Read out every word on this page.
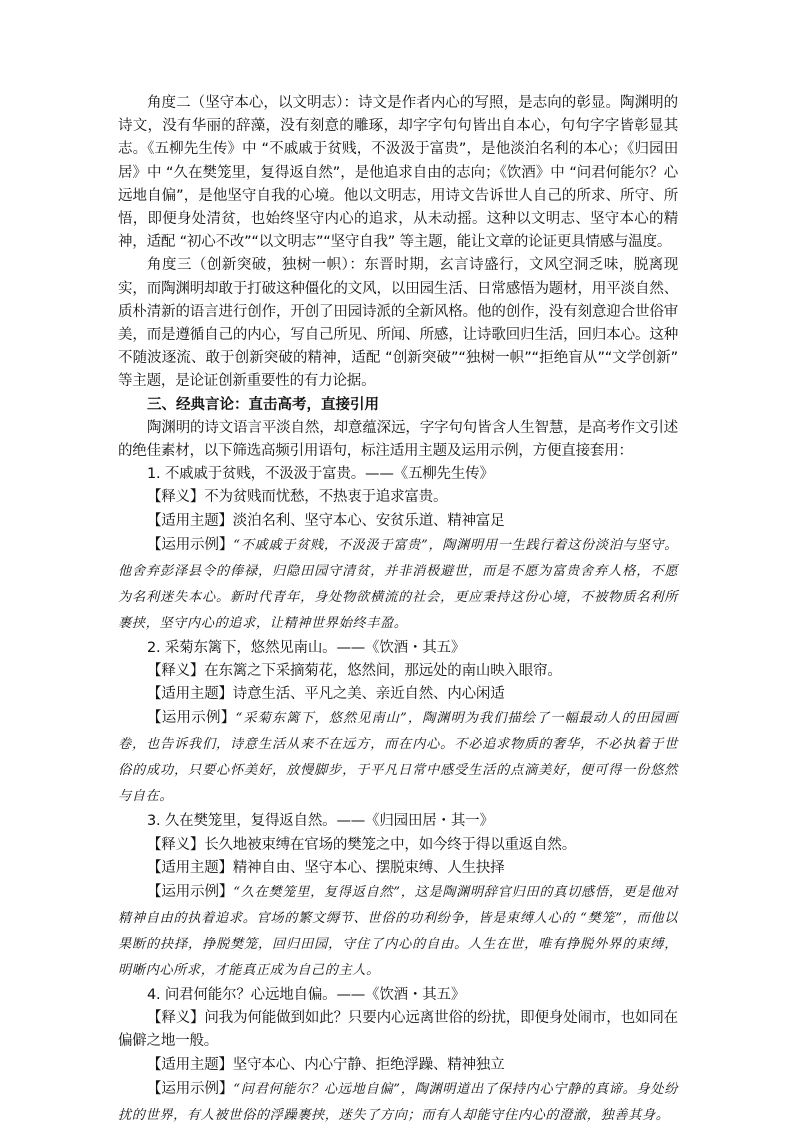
角度二（坚守本心，以文明志）：诗文是作者内心的写照，是志向的彰显。陶渊明的诗文，没有华丽的辞藻，没有刻意的雕琢，却字字句句皆出自本心，句句字字皆彰显其志。《五柳先生传》中 “不戚戚于贫贱，不汲汲于富贵”，是他淡泊名利的本心；《归园田居》中 “久在樊笼里，复得返自然”，是他追求自由的志向；《饮酒》中 “问君何能尔？心远地自偏”，是他坚守自我的心境。他以文明志，用诗文告诉世人自己的所求、所守、所悟，即便身处清贫，也始终坚守内心的追求，从未动摇。这种以文明志、坚守本心的精神，适配 “初心不改”“以文明志”“坚守自我” 等主题，能让文章的论证更具情感与温度。

角度三（创新突破，独树一帜）：东晋时期，玄言诗盛行，文风空洞乏味，脱离现实，而陶渊明却敢于打破这种僵化的文风，以田园生活、日常感悟为题材，用平淡自然、质朴清新的语言进行创作，开创了田园诗派的全新风格。他的创作，没有刻意迎合世俗审美，而是遵循自己的内心，写自己所见、所闻、所感，让诗歌回归生活，回归本心。这种不随波逐流、敢于创新突破的精神，适配 “创新突破”“独树一帜”“拒绝盲从”“文学创新” 等主题，是论证创新重要性的有力论据。

三、经典言论：直击高考，直接引用

陶渊明的诗文语言平淡自然，却意蕴深远，字字句句皆含人生智慧，是高考作文引述的绝佳素材，以下筛选高频引用语句，标注适用主题及运用示例，方便直接套用：

1. 不戚戚于贫贱，不汲汲于富贵。——《五柳先生传》

【释义】不为贫贱而忧愁，不热衷于追求富贵。

【适用主题】淡泊名利、坚守本心、安贫乐道、精神富足

【运用示例】“不戚戚于贫贱，不汲汲于富贵”，陶渊明用一生践行着这份淡泊与坚守。他舍弃彭泽县令的俸禄，归隐田园守清贫，并非消极避世，而是不愿为富贵舍弃人格，不愿为名利迷失本心。新时代青年，身处物欲横流的社会，更应秉持这份心境，不被物质名利所裹挟，坚守内心的追求，让精神世界始终丰盈。

2. 采菊东篱下，悠然见南山。——《饮酒・其五》

【释义】在东篱之下采摘菊花，悠然间，那远处的南山映入眼帘。

【适用主题】诗意生活、平凡之美、亲近自然、内心闲适

【运用示例】“采菊东篱下，悠然见南山”，陶渊明为我们描绘了一幅最动人的田园画卷，也告诉我们，诗意生活从来不在远方，而在内心。不必追求物质的奢华，不必执着于世俗的成功，只要心怀美好，放慢脚步，于平凡日常中感受生活的点滴美好，便可得一份悠然与自在。

3. 久在樊笼里，复得返自然。——《归园田居・其一》

【释义】长久地被束缚在官场的樊笼之中，如今终于得以重返自然。

【适用主题】精神自由、坚守本心、摆脱束缚、人生抉择

【运用示例】“久在樊笼里，复得返自然”，这是陶渊明辞官归田的真切感悟，更是他对精神自由的执着追求。官场的繁文缛节、世俗的功利纷争，皆是束缚人心的 “樊笼”，而他以果断的抉择，挣脱樊笼，回归田园，守住了内心的自由。人生在世，唯有挣脱外界的束缚，明晰内心所求，才能真正成为自己的主人。

4. 问君何能尔？心远地自偏。——《饮酒・其五》

【释义】问我为何能做到如此？只要内心远离世俗的纷扰，即便身处闹市，也如同在偏僻之地一般。

【适用主题】坚守本心、内心宁静、拒绝浮躁、精神独立

【运用示例】“问君何能尔？心远地自偏”，陶渊明道出了保持内心宁静的真谛。身处纷扰的世界，有人被世俗的浮躁裹挟，迷失了方向；而有人却能守住内心的澄澈，独善其身。
